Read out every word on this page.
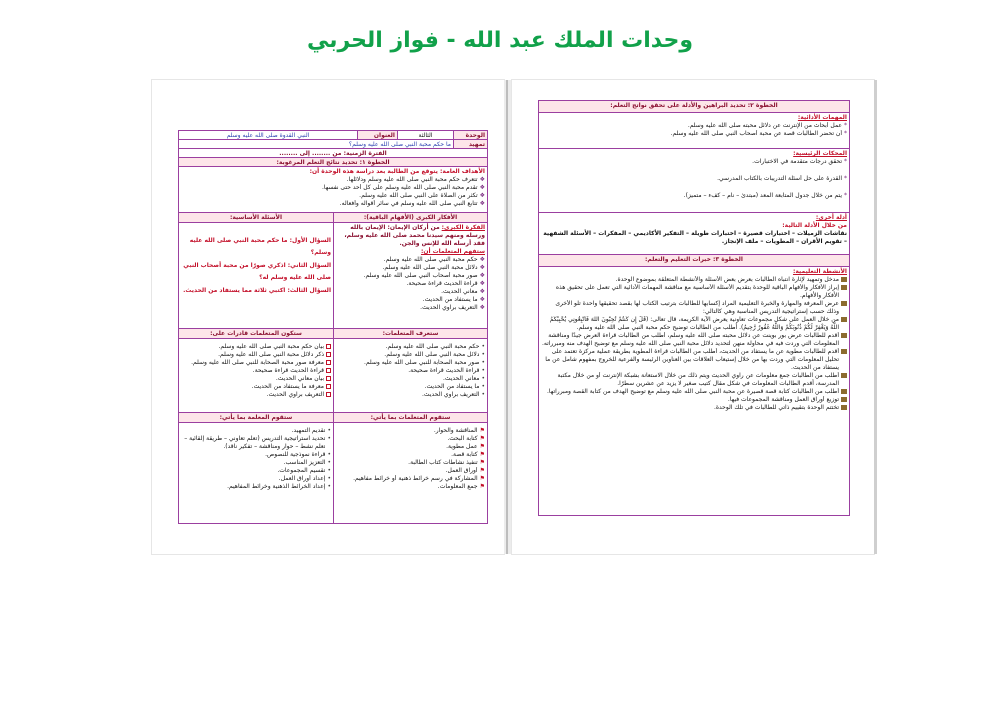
وحدات الملك عبد الله - فواز الحربي
الوحدة
الثالثة
العنوان
النبي القدوة صلى الله عليه وسلم
تمهيد
ما حكم محبة النبي صلى الله عليه وسلم؟
الفترة الزمنية: من ........ إلى ........
الخطوة ١: تحديد نتائج التعلم المرغوبة:
الأهداف العامة: يتوقع من الطالبة بعد دراسة هذه الوحدة أن:
❖
تتعرف حكم محبة النبي صلى الله عليه وسلم ودلائلها.
❖
تقدم محبة النبي صلى الله عليه وسلم على كل أحد حتى نفسها.
❖
تكثر من الصلاة على النبي صلى الله عليه وسلم.
❖
تتابع النبي صلى الله عليه وسلم في سائر أقواله وأفعاله.
الأفكار الكبرى (الأفهام الباقية):
الأسئلة الأساسية:
الفكرة الكبرى: من أركان الإيمان: الإيمان بالله ورسله ومنهم سيدنا محمد صلى الله عليه وسلم، فقد أرسله الله للإنس والجن.
ستفهم المتعلمات أن:
❖
حكم محبة النبي صلى الله عليه وسلم.
❖
دلائل محبة النبي صلى الله عليه وسلم.
❖
صور محبة أصحاب النبي صلى الله عليه وسلم.
❖
قراءة الحديث قراءة صحيحة.
❖
معاني الحديث.
❖
ما يستفاد من الحديث.
❖
التعريف براوي الحديث.
السؤال الأول: ما حكم محبة النبي صلى الله عليه وسلم؟
السؤال الثاني: اذكري صورًا من محبة أصحاب النبي صلى الله عليه وسلم له؟
السؤال الثالث: اكتبي ثلاثة مما يستفاد من الحديث.
ستعرف المتعلمات:
ستكون المتعلمات قادرات على:
•
حكم محبة النبي صلى الله عليه وسلم.
•
دلائل محبة النبي صلى الله عليه وسلم.
•
صور محبة الصحابة للنبي صلى الله عليه وسلم.
•
قراءة الحديث قراءة صحيحة.
•
معاني الحديث.
•
ما يستفاد من الحديث.
•
التعريف براوي الحديث.
بيان حكم محبة النبي صلى الله عليه وسلم.
ذكر دلائل محبة النبي صلى الله عليه وسلم.
معرفة صور محبة الصحابة للنبي صلى الله عليه وسلم.
قراءة الحديث قراءة صحيحة.
بيان معاني الحديث.
معرفة ما يستفاد من الحديث.
التعريف براوي الحديث.
ستقوم المتعلمات بما يأتي:
ستقوم المعلمة بما يأتي:
⚑
المناقشة والحوار.
⚑
كتابة البحث.
⚑
عمل مطوية.
⚑
كتابة قصة.
⚑
تنفيذ نشاطات كتاب الطالبة.
⚑
أوراق العمل.
⚑
المشاركة في رسم خرائط ذهنية أو خرائط مفاهيم.
⚑
جمع المعلومات.
•
تقديم التمهيد.
•
تحديد استراتيجية التدريس (تعلم تعاوني – طريقة إلقائية – تعلم نشط – حوار ومناقشة – تفكير ناقد).
•
قراءة نموذجية للنصوص.
•
التعزيز المناسب.
•
تقسيم المجموعات.
•
إعداد أوراق العمل.
•
إعداد الخرائط الذهنية وخرائط المفاهيم.
الخطوة ٢: تحديد البراهين والأدلة على تحقق نواتج التعلم:
المهمات الأدائية:
*
عمل أبحاث من الإنترنت عن دلائل محبته صلى الله عليه وسلم.
*
أن تحضر الطالبات قصة عن محبة أصحاب النبي صلى الله عليه وسلم.
المحكات الرئيسية:
*
تحقق درجات متقدمة في الاختبارات.
*
القدرة على حل أسئلة التدريبات بالكتاب المدرسي.
*
يتم من خلال جدول المتابعة المعد (مبتدئ – نام – كفء – متميز).
أدلة أخرى:
من خلال الأدلة التالية:
نقاشات الزميلات – اختبارات قصيرة – اختبارات طويلة – التفكير الأكاديمي – المفكرات – الأسئلة الشفهية – تقويم الأقران – المطويات – ملف الإنجاز.
الخطوة ٣: خبرات التعليم والتعلم:
الأنشطة التعليمية:
مدخل وتمهيد لإثارة انتباه الطالبات بعرض بعض الأسئلة والأنشطة المتعلقة بموضوع الوحدة.
إبراز الأفكار والأفهام الباقية للوحدة بتقديم الأسئلة الأساسية مع مناقشة المهمات الأدائية التي تعمل على تحقيق هذه الأفكار والأفهام.
عرض المعرفة والمهارة والخبرة التعليمية المراد إكسابها للطالبات بترتيب الكتاب لها بقصد تحقيقها واحدة تلو الأخرى وذلك حسب إستراتيجية التدريس المناسبة وهي كالتالي:
من خلال العمل على شكل مجموعات تعاونية يعرض الآية الكريمة، قال تعالى: (قُلْ إِن كُنتُمْ تُحِبُّونَ اللَّهَ فَاتَّبِعُونِي يُحْبِبْكُمُ اللَّهُ وَيَغْفِرْ لَكُمْ ذُنُوبَكُمْ وَاللَّهُ غَفُورٌ رَّحِيمٌ). أطلب من الطالبات توضيح حكم محبة النبي صلى الله عليه وسلم.
أقدم للطالبات عرض بور بوينت عن دلائل محبته صلى الله عليه وسلم، أطلب من الطالبات قراءة العرض جيدًا ومناقشة المعلومات التي وردت فيه في محاولة منهن لتحديد دلائل محبة النبي صلى الله عليه وسلم مع توضيح الهدف منه ومبرراته.
أقدم للطالبات مطوية عن ما يستفاد من الحديث، أطلب من الطالبات قراءة المطوية بطريقة عملية مركزة تعتمد على تحليل المعلومات التي وردت بها من خلال إستيعاب العلاقات بين العناوين الرئيسة والفرعية للخروج بمفهوم شامل عن ما يستفاد من الحديث.
أطلب من الطالبات جمع معلومات عن راوي الحديث ويتم ذلك من خلال الاستعانة بشبكة الإنترنت أو من خلال مكتبة المدرسة، أقدم الطالبات المعلومات في شكل مقال كتيب صغير لا يزيد عن عشرين سطرًا.
أطلب من الطالبات كتابة قصة قصيرة عن محبة النبي صلى الله عليه وسلم مع توضيح الهدف من كتابة القصة ومبرراتها.
توزيع أوراق العمل ومناقشة المجموعات فيها.
تختتم الوحدة بتقييم ذاتي للطالبات في تلك الوحدة.
